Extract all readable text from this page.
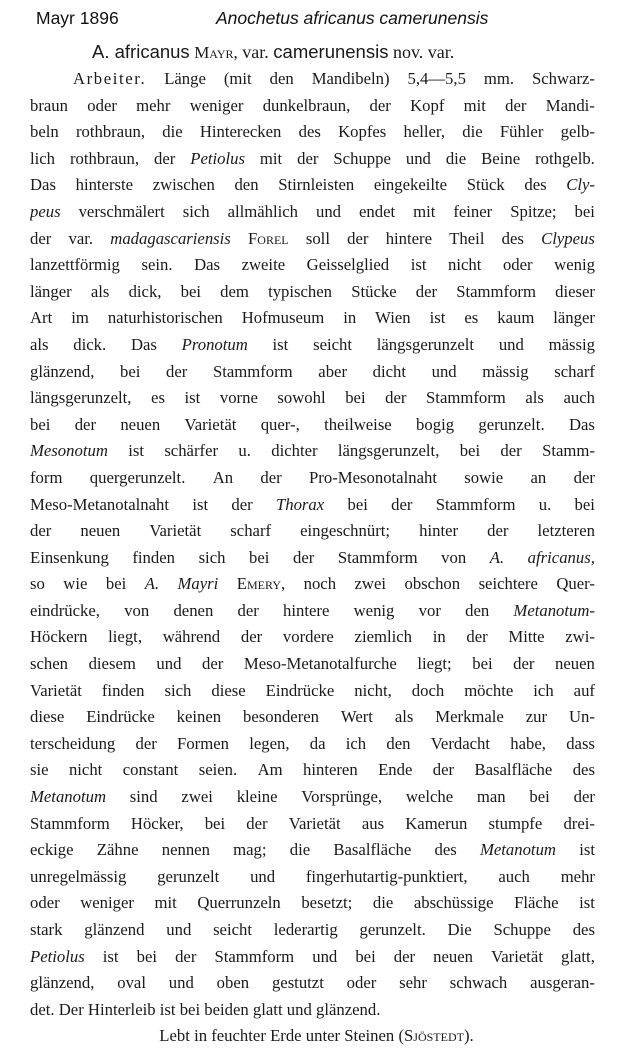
Mayr 1896	Anochetus africanus camerunensis
A. africanus Mayr, var. camerunensis nov. var.
Arbeiter. Länge (mit den Mandibeln) 5,4—5,5 mm. Schwarz-
braun oder mehr weniger dunkelbraun, der Kopf mit der Mandi-
beln rothbraun, die Hinterecken des Kopfes heller, die Fühler gelb-
lich rothbraun, der Petiolus mit der Schuppe und die Beine rothgelb.
Das hinterste zwischen den Stirnleisten eingekeilte Stück des Cly-
peus verschmälert sich allmählich und endet mit feiner Spitze; bei
der var. madagascariensis Forel soll der hintere Theil des Clypeus
lanzettförmig sein. Das zweite Geisselglied ist nicht oder wenig
länger als dick, bei dem typischen Stücke der Stammform dieser
Art im naturhistorischen Hofmuseum in Wien ist es kaum länger
als dick. Das Pronotum ist seicht längsgerunzelt und mässig
glänzend, bei der Stammform aber dicht und mässig scharf
längsgerunzelt, es ist vorne sowohl bei der Stammform als auch
bei der neuen Varietät quer-, theilweise bogig gerunzelt. Das
Mesonotum ist schärfer u. dichter längsgerunzelt, bei der Stamm-
form quergerunzelt. An der Pro-Mesonotalnaht sowie an der
Meso-Metanotalnaht ist der Thorax bei der Stammform u. bei
der neuen Varietät scharf eingeschnürt; hinter der letzteren
Einsenkung finden sich bei der Stammform von A. africanus,
so wie bei A. Mayri Emery, noch zwei obschon seichtere Quer-
eindrücke, von denen der hintere wenig vor den Metanotum-
Höckern liegt, während der vordere ziemlich in der Mitte zwi-
schen diesem und der Meso-Metanotalfurche liegt; bei der neuen
Varietät finden sich diese Eindrücke nicht, doch möchte ich auf
diese Eindrücke keinen besonderen Wert als Merkmale zur Un-
terscheidung der Formen legen, da ich den Verdacht habe, dass
sie nicht constant seien. Am hinteren Ende der Basalfläche des
Metanotum sind zwei kleine Vorsprünge, welche man bei der
Stammform Höcker, bei der Varietät aus Kamerun stumpfe drei-
eckige Zähne nennen mag; die Basalfläche des Metanotum ist
unregelmässig gerunzelt und fingerhutartig-punktiert, auch mehr
oder weniger mit Querrunzeln besetzt; die abschüssige Fläche ist
stark glänzend und seicht lederartig gerunzelt. Die Schuppe des
Petiolus ist bei der Stammform und bei der neuen Varietät glatt,
glänzend, oval und oben gestutzt oder sehr schwach ausgeran-
det. Der Hinterleib ist bei beiden glatt und glänzend.
Lebt in feuchter Erde unter Steinen (Sjöstedt).
